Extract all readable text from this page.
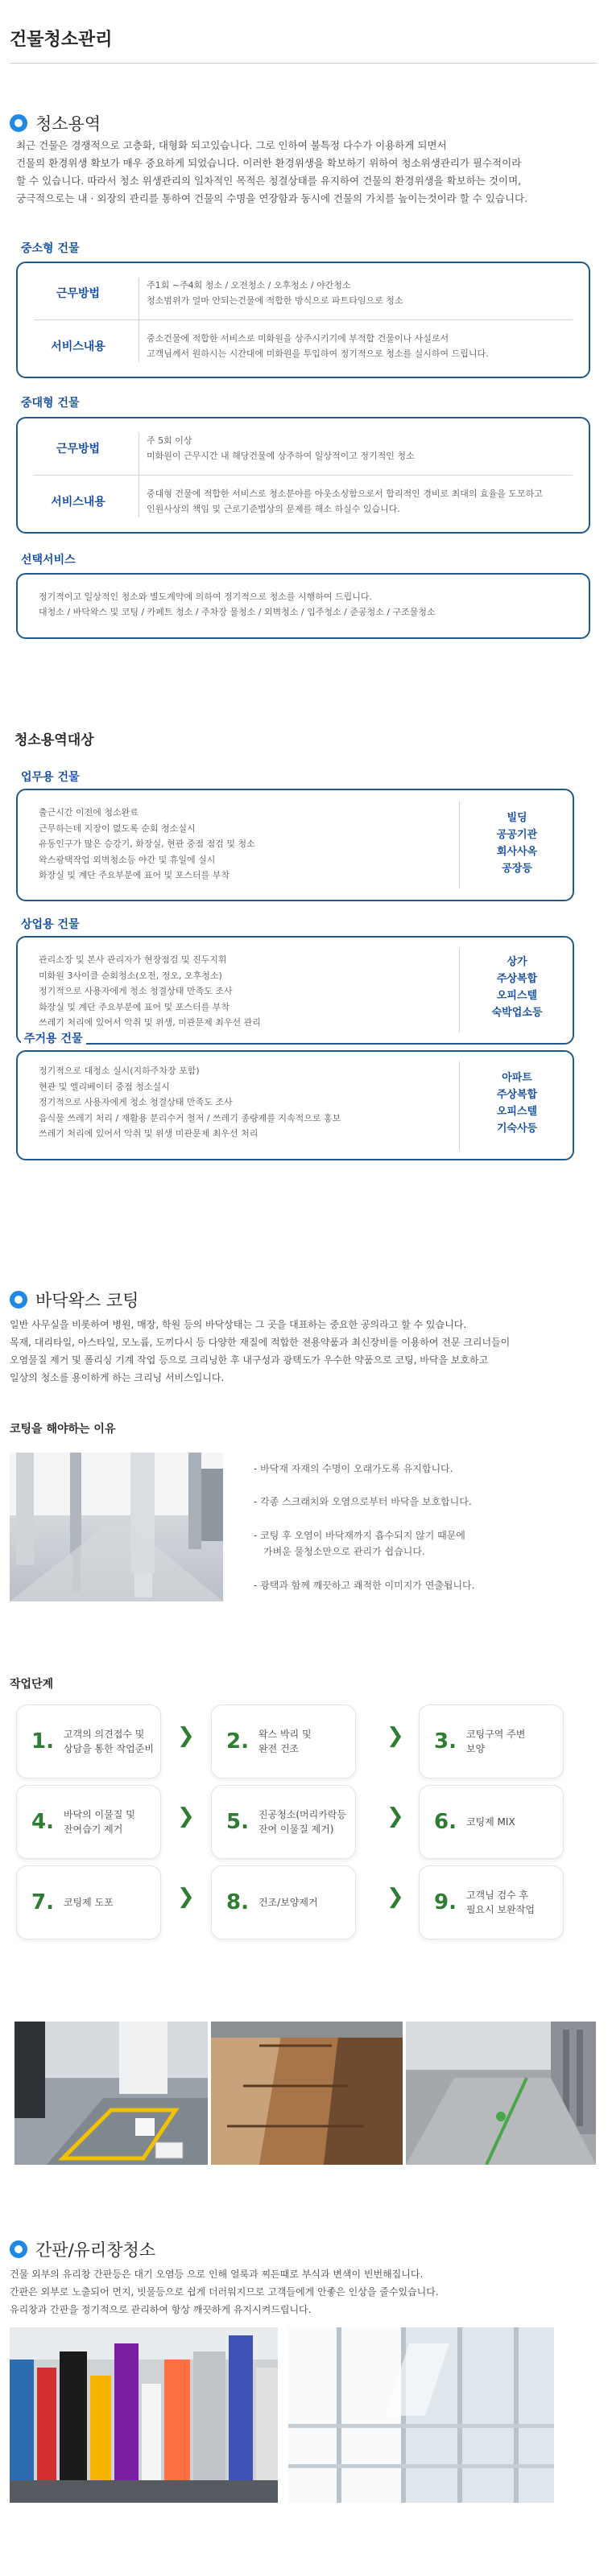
건물청소관리
청소용역
최근 건물은 경쟁적으로 고층화, 대형화 되고있습니다. 그로 인하여 불특정 다수가 이용하게 되면서
건물의 환경위생 확보가 매우 중요하게 되었습니다. 이러한 환경위생을 확보하기 위하여 청소위생관리가 필수적이라
할 수 있습니다. 따라서 청소 위생관리의 일차적인 목적은 청결상태를 유지하여 건물의 환경위생을 확보하는 것이며,
궁극적으로는 내 · 외장의 관리를 통하여 건물의 수명을 연장함과 동시에 건물의 가치를 높이는것이라 할 수 있습니다.
중소형 건물
근무방법
주1회 ~주4회 청소 / 오전청소 / 오후청소 / 야간청소
청소범위가 얼마 안되는건물에 적합한 방식으로 파트타임으로 청소
서비스내용
중소건물에 적합한 서비스로 미화원을 상주시키기에 부적합 건물이나 사설로서
고객님께서 원하시는 시간대에 미화원을 투입하여 정기적으로 청소를 실시하여 드립니다.
중대형 건물
근무방법
주 5회 이상
미화원이 근무시간 내 해당건물에 상주하여 일상적이고 정기적인 청소
서비스내용
중대형 건물에 적합한 서비스로 청소분야를 아웃소싱함으로서 합리적인 경비로 최대의 효율을 도모하고
인원사상의 책임 및 근로기준법상의 문제를 해소 하실수 있습니다.
선택서비스
정기적이고 일상적인 청소와 별도계약에 의하여 정기적으로 청소를 시행하여 드립니다.
대청소 / 바닥왁스 및 코팅 / 카페트 청소 / 주차장 물청소 / 외벽청소 / 입주청소 / 준공청소 / 구조물청소
청소용역대상
업무용 건물
출근시간 이전에 청소완료
근무하는데 지장이 없도록 순회 청소실시
유동인구가 많은 승강기, 화장실, 현관 중점 점검 및 청소
왁스광택작업 외벽청소등 야간 및 휴일에 실시
화장실 및 계단 주요부분에 표어 및 포스터를 부착
빌딩
공공기관
회사사옥
공장등
상업용 건물
관리소장 및 본사 관리자가 현장점검 및 진두지휘
미화원 3사이클 순회청소(오전, 정오, 오후청소)
정기적으로 사용자에게 청소 청결상태 만족도 조사
화장실 및 계단 주요부분에 표어 및 포스터를 부착
쓰레기 처리에 있어서 악취 및 위생, 미관문제 최우선 관리
상가
주상복합
오피스텔
숙박업소등
주거용 건물
정기적으로 대청소 실시(지하주차장 포함)
현관 및 엘리베이터 중점 청소실시
정기적으로 사용자에게 청소 청결상태 만족도 조사
음식물 쓰레기 처리 / 재활용 분리수거 철저 / 쓰레기 종량제를 지속적으로 홍보
쓰레기 처리에 있어서 악취 및 위생 미관문제 최우선 처리
아파트
주상복합
오피스텔
기숙사등
바닥왁스 코팅
일반 사무실을 비롯하여 병원, 매장, 학원 등의 바닥상태는 그 곳을 대표하는 중요한 공의라고 할 수 있습니다.
목재, 대리타일, 아스타일, 모노륨, 도끼다시 등 다양한 재질에 적합한 전용약품과 최신장비를 이용하여 전문 크리너들이
오염물질 제거 및 폴리싱 기계 작업 등으로 크리닝한 후 내구성과 광택도가 우수한 약품으로 코팅, 바닥을 보호하고
일상의 청소를 용이하게 하는 크리닝 서비스입니다.
코팅을 해야하는 이유
- 바닥재 자재의 수명이 오래가도록 유지합니다.
- 각종 스크래치와 오염으로부터 바닥을 보호합니다.
- 코팅 후 오염이 바닥재까지 흡수되지 않기 때문에
가벼운 물청소만으로 관리가 쉽습니다.
- 광택과 함께 깨끗하고 쾌적한 이미지가 연출됩니다.
작업단계
1. 고객의 의견접수 및
상담을 통한 작업준비
❯ 2. 왁스 박리 및
완전 건조
❯ 3. 코팅구역 주변
보양
4. 바닥의 이물질 및
잔여습기 제거
❯ 5. 진공청소(머리카락등
잔여 이물질 제거)
❯ 6. 코팅제 MIX
7. 코팅제 도포	❯ 8. 건조/보양제거	❯ 9. 고객님 검수 후
필요시 보완작업
간판/유리창청소
건물 외부의 유리창 간판등은 대기 오염등 으로 인해 얼룩과 찌든때로 부식과 변색이 빈번해집니다.
간판은 외부로 노출되어 먼지, 빗물등으로 쉽게 더러워지므로 고객들에게 안좋은 인상을 줄수있습니다.
유리창과 간판을 정기적으로 관리하여 항상 깨끗하게 유지시켜드립니다.
